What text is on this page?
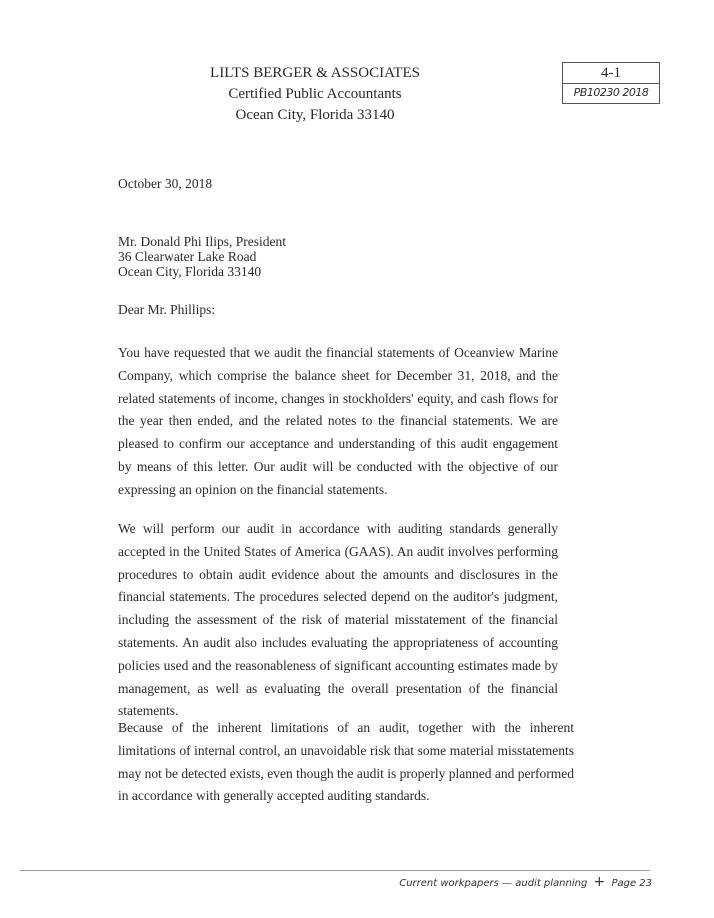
LILTS BERGER & ASSOCIATES
Certified Public Accountants
Ocean City, Florida 33140
4-1
PB10230 2018
October 30, 2018
Mr. Donald Phi Ilips, President
36 Clearwater Lake Road
Ocean City, Florida 33140
Dear Mr. Phillips:
You have requested that we audit the financial statements of Oceanview Marine Company, which comprise the balance sheet for December 31, 2018, and the related statements of income, changes in stockholders' equity, and cash flows for the year then ended, and the related notes to the financial statements. We are pleased to confirm our acceptance and understanding of this audit engagement by means of this letter. Our audit will be conducted with the objective of our expressing an opinion on the financial statements.
We will perform our audit in accordance with auditing standards generally accepted in the United States of America (GAAS). An audit involves performing procedures to obtain audit evidence about the amounts and disclosures in the financial statements. The procedures selected depend on the auditor's judgment, including the assessment of the risk of material misstatement of the financial statements. An audit also includes evaluating the appropriateness of accounting policies used and the reasonableness of significant accounting estimates made by management, as well as evaluating the overall presentation of the financial statements.
Because of the inherent limitations of an audit, together with the inherent limitations of internal control, an unavoidable risk that some material misstatements may not be detected exists, even though the audit is properly planned and performed in accordance with generally accepted auditing standards.
Current workpapers — audit planning + Page 23
